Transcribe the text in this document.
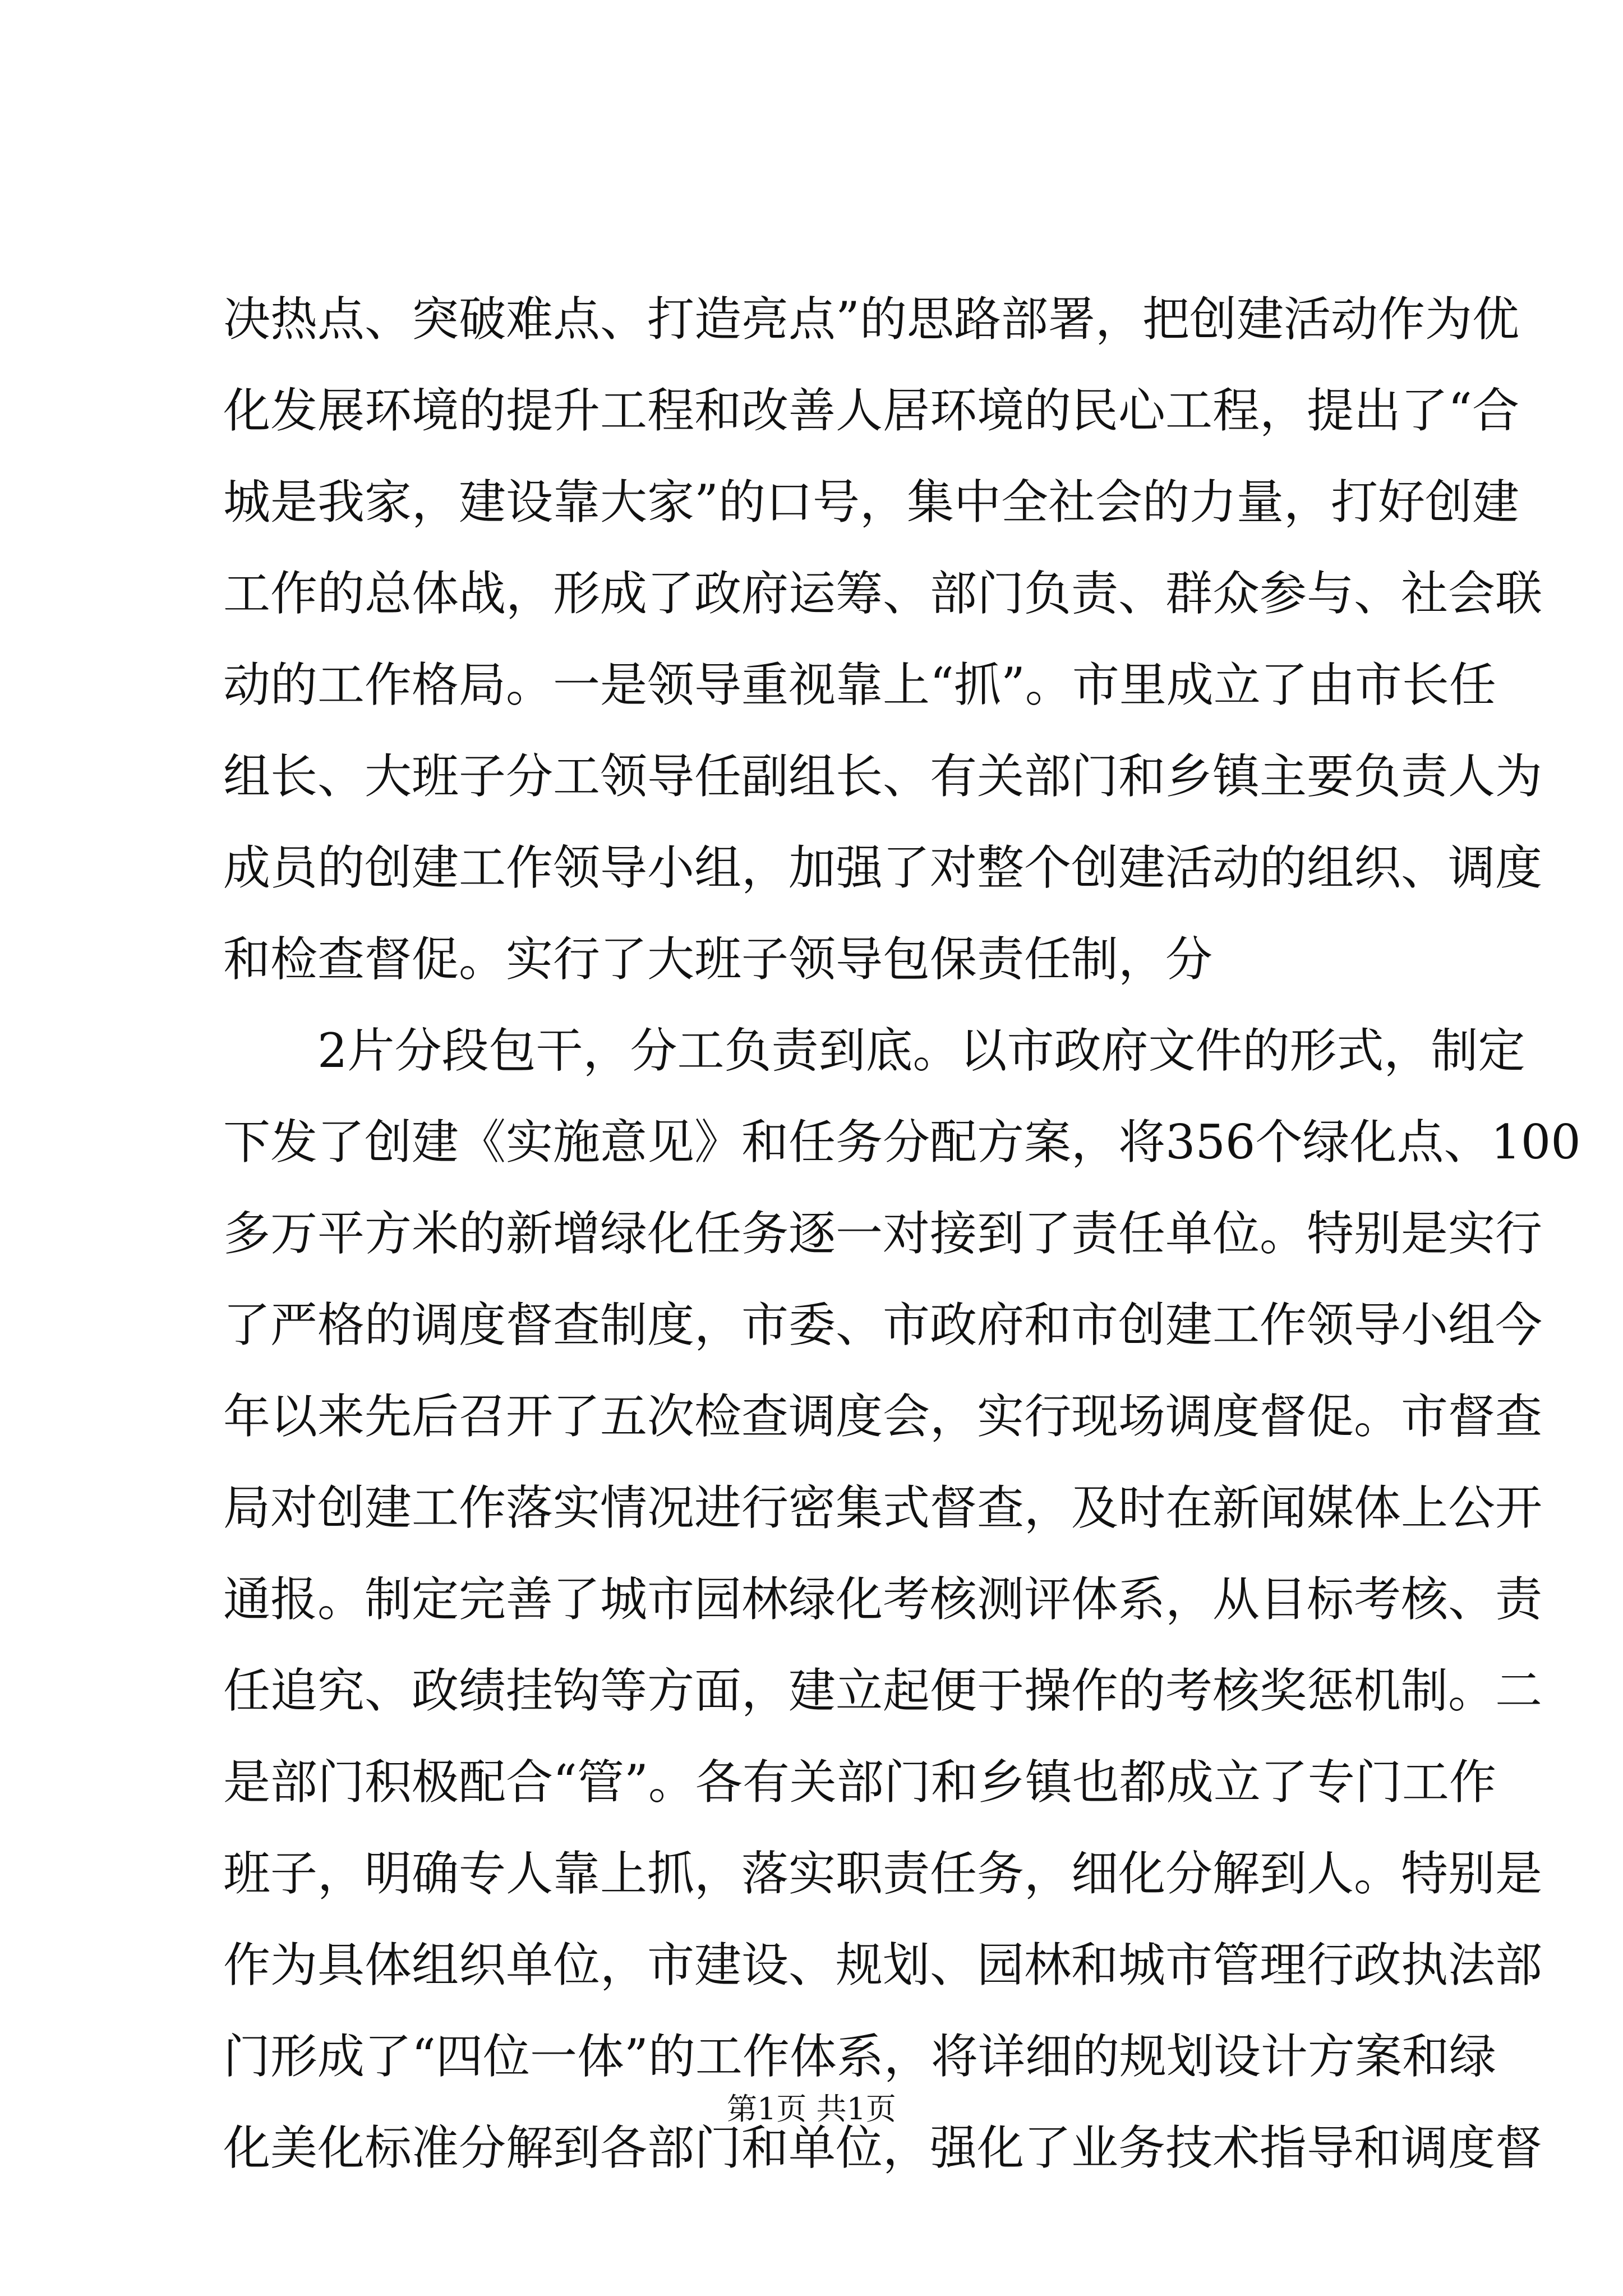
决热点、突破难点、打造亮点”的思路部署，把创建活动作为优
化发展环境的提升工程和改善人居环境的民心工程，提出了“合
城是我家，建设靠大家”的口号，集中全社会的力量，打好创建
工作的总体战，形成了政府运筹、部门负责、群众参与、社会联
动的工作格局。一是领导重视靠上“抓”。市里成立了由市长任
组长、大班子分工领导任副组长、有关部门和乡镇主要负责人为
成员的创建工作领导小组，加强了对整个创建活动的组织、调度
和检查督促。实行了大班子领导包保责任制，分
2片分段包干，分工负责到底。以市政府文件的形式，制定
下发了创建《实施意见》和任务分配方案，将356个绿化点、100
多万平方米的新增绿化任务逐一对接到了责任单位。特别是实行
了严格的调度督查制度，市委、市政府和市创建工作领导小组今
年以来先后召开了五次检查调度会，实行现场调度督促。市督查
局对创建工作落实情况进行密集式督查，及时在新闻媒体上公开
通报。制定完善了城市园林绿化考核测评体系，从目标考核、责
任追究、政绩挂钩等方面，建立起便于操作的考核奖惩机制。二
是部门积极配合“管”。各有关部门和乡镇也都成立了专门工作
班子，明确专人靠上抓，落实职责任务，细化分解到人。特别是
作为具体组织单位，市建设、规划、园林和城市管理行政执法部
门形成了“四位一体”的工作体系，将详细的规划设计方案和绿
化美化标准分解到各部门和单位，强化了业务技术指导和调度督
第1页 共1页
